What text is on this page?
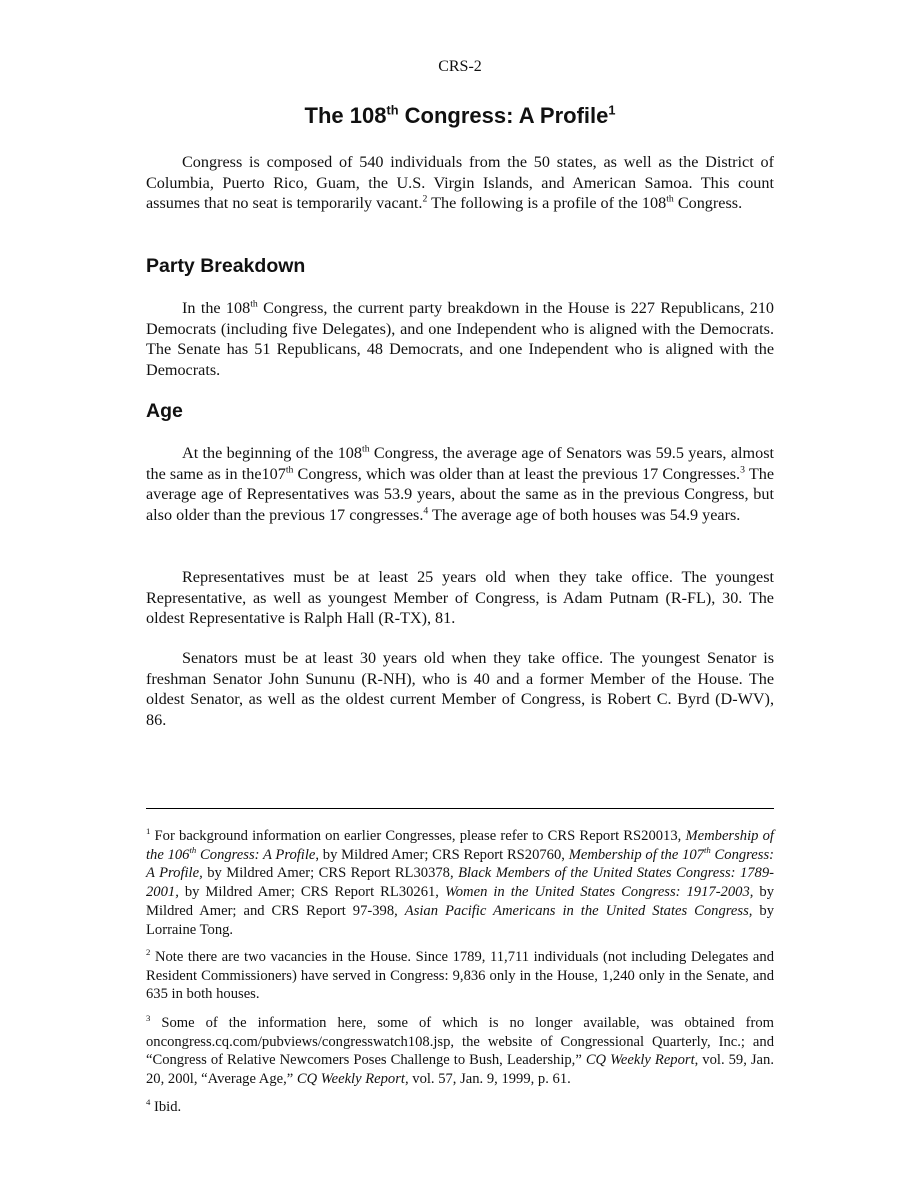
CRS-2
The 108th Congress: A Profile$^1$

Congress is composed of 540 individuals from the 50 states, as well as the District of Columbia, Puerto Rico, Guam, the U.S. Virgin Islands, and American Samoa. This count assumes that no seat is temporarily vacant.$^2$ The following is a profile of the 108th Congress.

Party Breakdown

In the 108th Congress, the current party breakdown in the House is 227 Republicans, 210 Democrats (including five Delegates), and one Independent who is aligned with the Democrats. The Senate has 51 Republicans, 48 Democrats, and one Independent who is aligned with the Democrats.

Age

At the beginning of the 108th Congress, the average age of Senators was 59.5 years, almost the same as in the107th Congress, which was older than at least the previous 17 Congresses.$^3$ The average age of Representatives was 53.9 years, about the same as in the previous Congress, but also older than the previous 17 congresses.$^4$ The average age of both houses was 54.9 years.

Representatives must be at least 25 years old when they take office. The youngest Representative, as well as youngest Member of Congress, is Adam Putnam (R-FL), 30. The oldest Representative is Ralph Hall (R-TX), 81.

Senators must be at least 30 years old when they take office. The youngest Senator is freshman Senator John Sununu (R-NH), who is 40 and a former Member of the House. The oldest Senator, as well as the oldest current Member of Congress, is Robert C. Byrd (D-WV), 86.

$^1$ For background information on earlier Congresses, please refer to CRS Report RS20013, Membership of the 106th Congress: A Profile, by Mildred Amer; CRS Report RS20760, Membership of the 107th Congress: A Profile, by Mildred Amer; CRS Report RL30378, Black Members of the United States Congress: 1789-2001, by Mildred Amer; CRS Report RL30261, Women in the United States Congress: 1917-2003, by Mildred Amer; and CRS Report 97-398, Asian Pacific Americans in the United States Congress, by Lorraine Tong.

$^2$ Note there are two vacancies in the House. Since 1789, 11,711 individuals (not including Delegates and Resident Commissioners) have served in Congress: 9,836 only in the House, 1,240 only in the Senate, and 635 in both houses.

$^3$ Some of the information here, some of which is no longer available, was obtained from oncongress.cq.com/pubviews/congresswatch108.jsp, the website of Congressional Quarterly, Inc.; and “Congress of Relative Newcomers Poses Challenge to Bush, Leadership,” CQ Weekly Report, vol. 59, Jan. 20, 200l, “Average Age,” CQ Weekly Report, vol. 57, Jan. 9, 1999, p. 61.

$^4$ Ibid.
